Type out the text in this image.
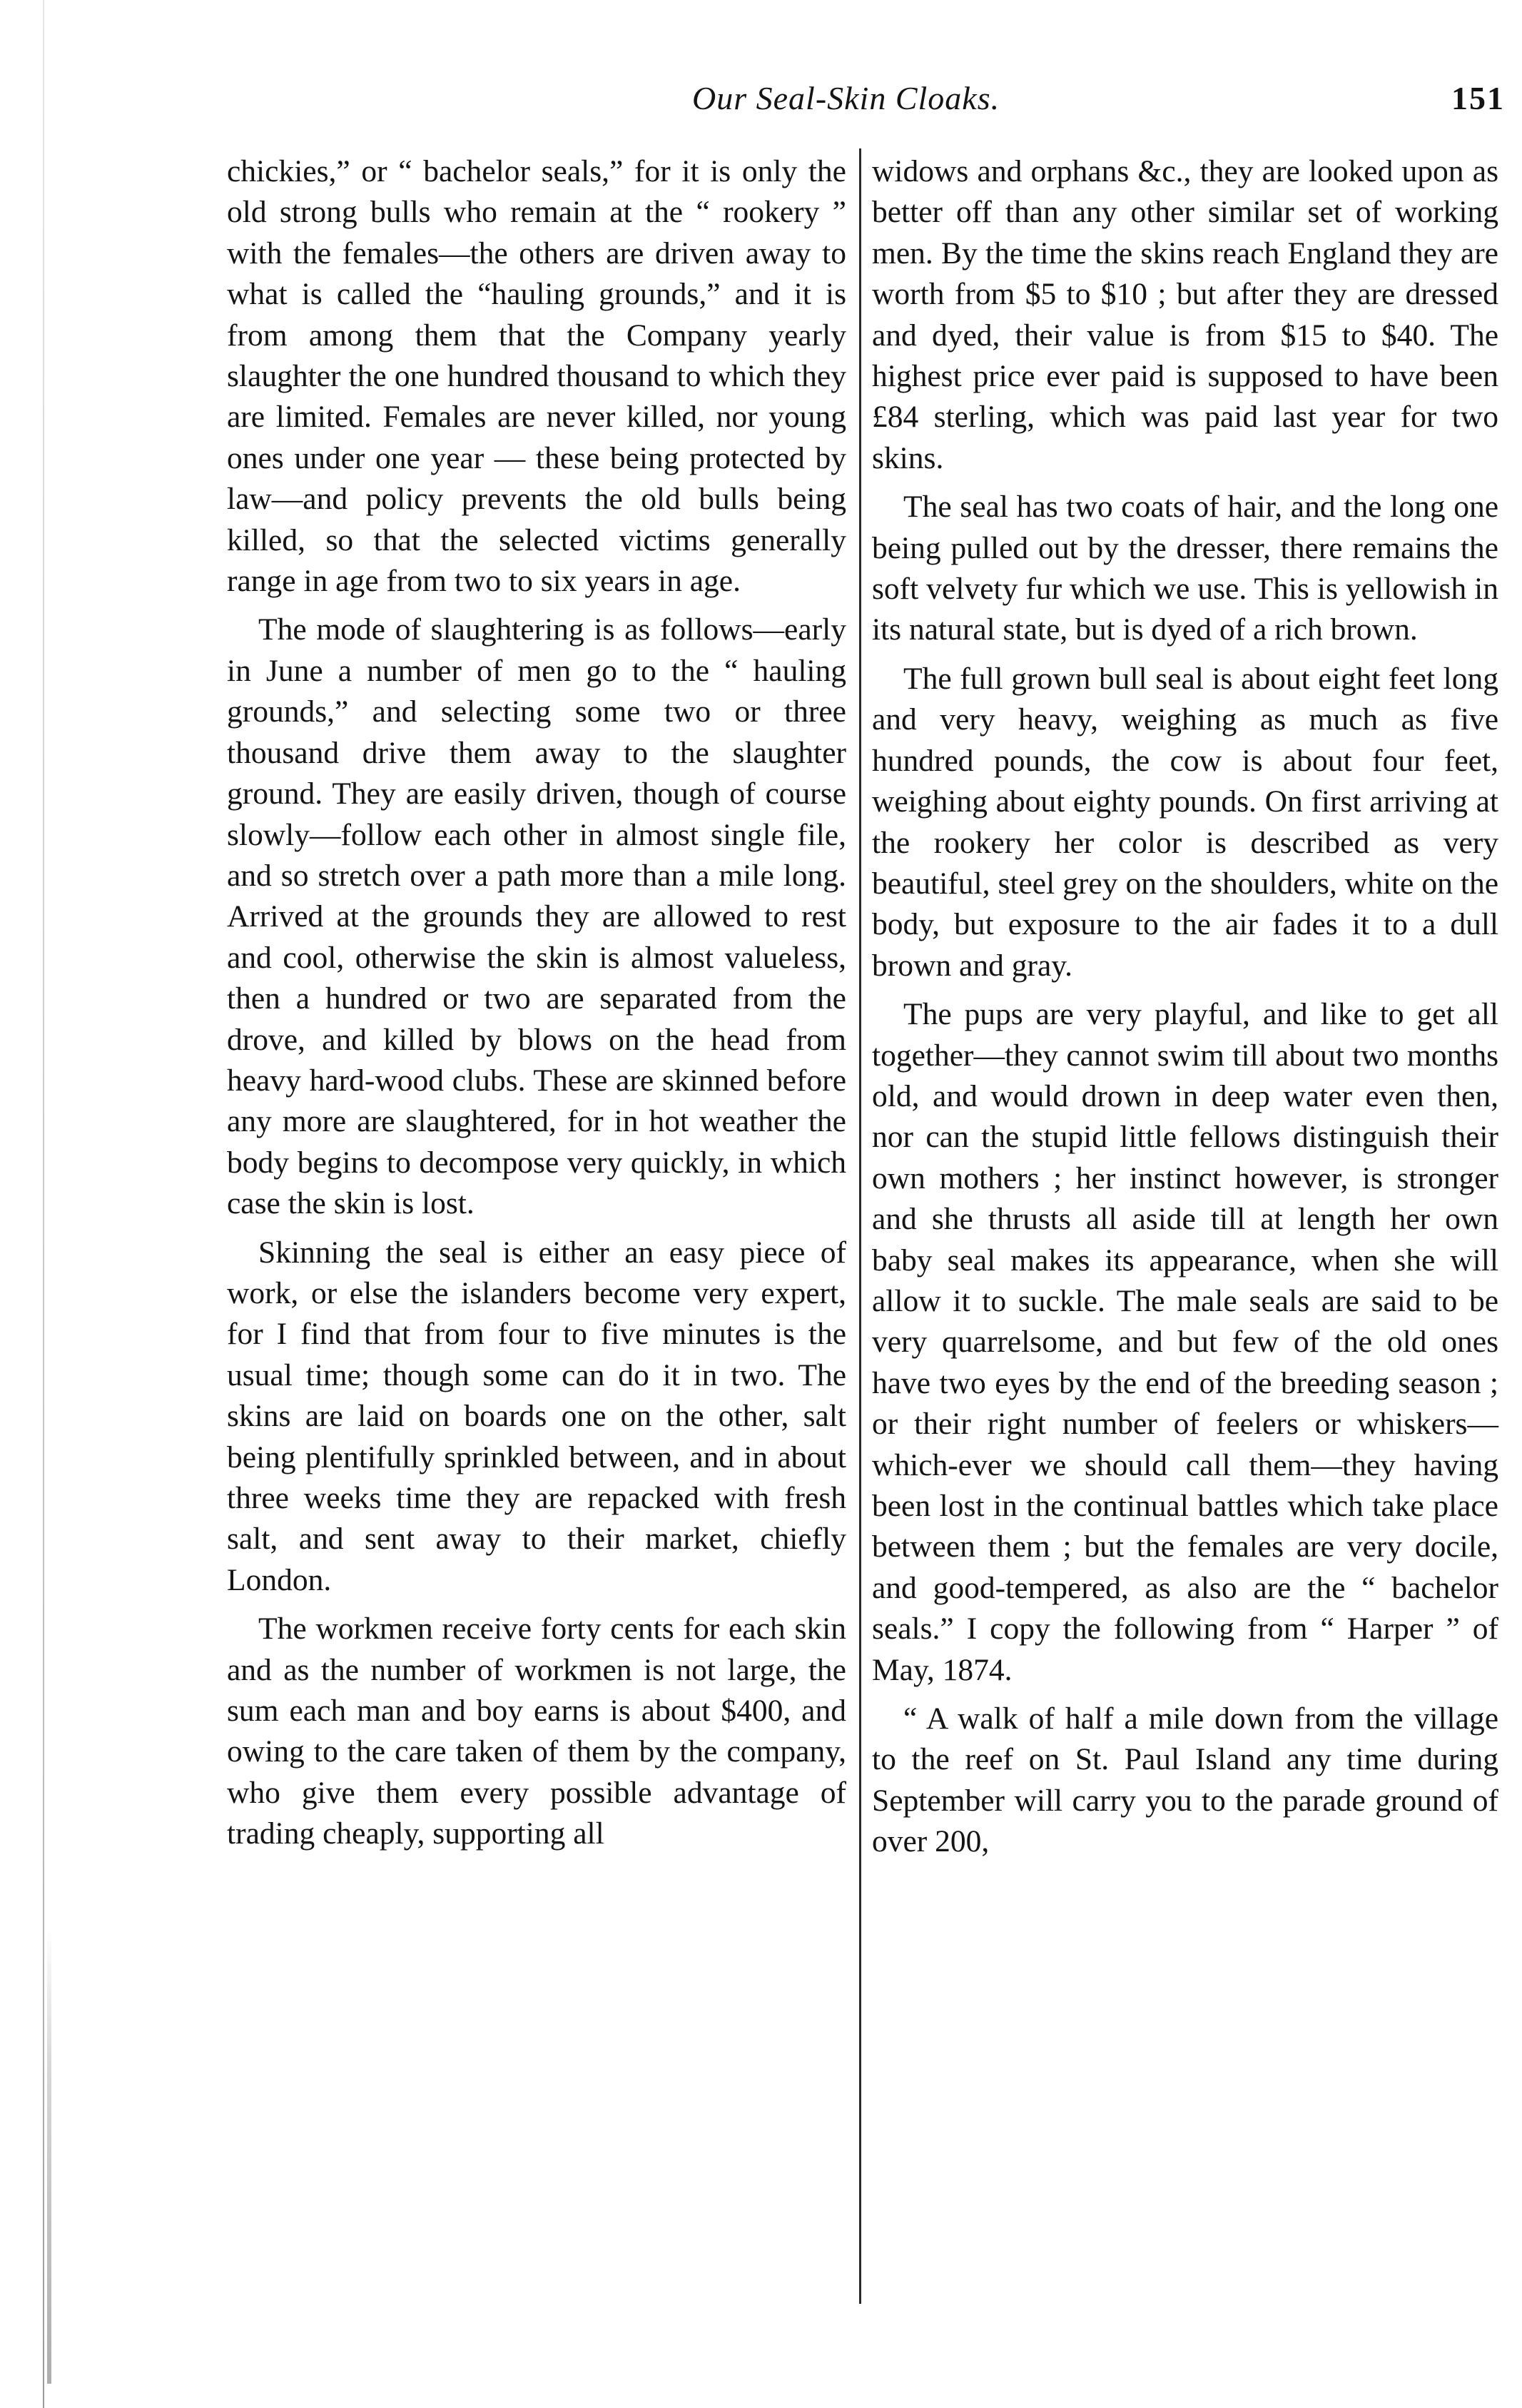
Our Seal-Skin Cloaks.	151

chickies,” or “ bachelor seals,” for it is only the old strong bulls who remain at the “ rookery ” with the females—the others are driven away to what is called the “hauling grounds,” and it is from among them that the Company yearly slaughter the one hundred thousand to which they are limited. Females are never killed, nor young ones under one year — these being protected by law—and policy prevents the old bulls being killed, so that the selected victims generally range in age from two to six years in age.

The mode of slaughtering is as follows—early in June a number of men go to the “ hauling grounds,” and selecting some two or three thousand drive them away to the slaughter ground. They are easily driven, though of course slowly—follow each other in almost single file, and so stretch over a path more than a mile long. Arrived at the grounds they are allowed to rest and cool, otherwise the skin is almost valueless, then a hundred or two are separated from the drove, and killed by blows on the head from heavy hard-wood clubs. These are skinned before any more are slaughtered, for in hot weather the body begins to decompose very quickly, in which case the skin is lost.

Skinning the seal is either an easy piece of work, or else the islanders become very expert, for I find that from four to five minutes is the usual time; though some can do it in two. The skins are laid on boards one on the other, salt being plentifully sprinkled between, and in about three weeks time they are repacked with fresh salt, and sent away to their market, chiefly London.

The workmen receive forty cents for each skin and as the number of workmen is not large, the sum each man and boy earns is about $400, and owing to the care taken of them by the company, who give them every possible advantage of trading cheaply, supporting all

widows and orphans &c., they are looked upon as better off than any other similar set of working men. By the time the skins reach England they are worth from $5 to $10 ; but after they are dressed and dyed, their value is from $15 to $40. The highest price ever paid is supposed to have been £84 sterling, which was paid last year for two skins.

The seal has two coats of hair, and the long one being pulled out by the dresser, there remains the soft velvety fur which we use. This is yellowish in its natural state, but is dyed of a rich brown.

The full grown bull seal is about eight feet long and very heavy, weighing as much as five hundred pounds, the cow is about four feet, weighing about eighty pounds. On first arriving at the rookery her color is described as very beautiful, steel grey on the shoulders, white on the body, but exposure to the air fades it to a dull brown and gray.

The pups are very playful, and like to get all together—they cannot swim till about two months old, and would drown in deep water even then, nor can the stupid little fellows distinguish their own mothers ; her instinct however, is stronger and she thrusts all aside till at length her own baby seal makes its appearance, when she will allow it to suckle. The male seals are said to be very quarrelsome, and but few of the old ones have two eyes by the end of the breeding season ; or their right number of feelers or whiskers—which-ever we should call them—they having been lost in the continual battles which take place between them ; but the females are very docile, and good-tempered, as also are the “ bachelor seals.” I copy the following from “ Harper ” of May, 1874.

“ A walk of half a mile down from the village to the reef on St. Paul Island any time during September will carry you to the parade ground of over 200,
